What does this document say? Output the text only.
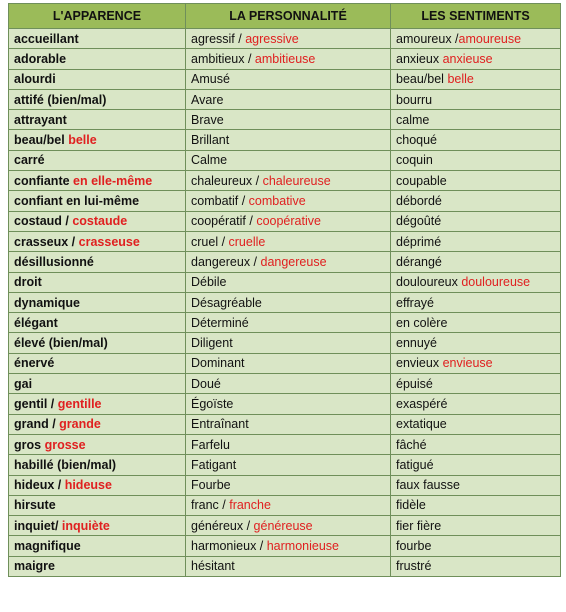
L'APPARENCE	LA PERSONNALITÉ	LES SENTIMENTS
accueillant	agressif / agressive	amoureux /amoureuse
adorable	ambitieux / ambitieuse	anxieux anxieuse
alourdi	Amusé	beau/bel belle
attifé (bien/mal)	Avare	bourru
attrayant	Brave	calme
beau/bel belle	Brillant	choqué
carré	Calme	coquin
confiante en elle-même	chaleureux / chaleureuse	coupable
confiant en lui-même	combatif / combative	débordé
costaud / costaude	coopératif / coopérative	dégoûté
crasseux / crasseuse	cruel / cruelle	déprimé
désillusionné	dangereux / dangereuse	dérangé
droit	Débile	douloureux douloureuse
dynamique	Désagréable	effrayé
élégant	Déterminé	en colère
élevé (bien/mal)	Diligent	ennuyé
énervé	Dominant	envieux envieuse
gai	Doué	épuisé
gentil / gentille	Égoïste	exaspéré
grand / grande	Entraînant	extatique
gros grosse	Farfelu	fâché
habillé (bien/mal)	Fatigant	fatigué
hideux / hideuse	Fourbe	faux fausse
hirsute	franc / franche	fidèle
inquiet/ inquiète	généreux / généreuse	fier fière
magnifique	harmonieux / harmonieuse	fourbe
maigre	hésitant	frustré
